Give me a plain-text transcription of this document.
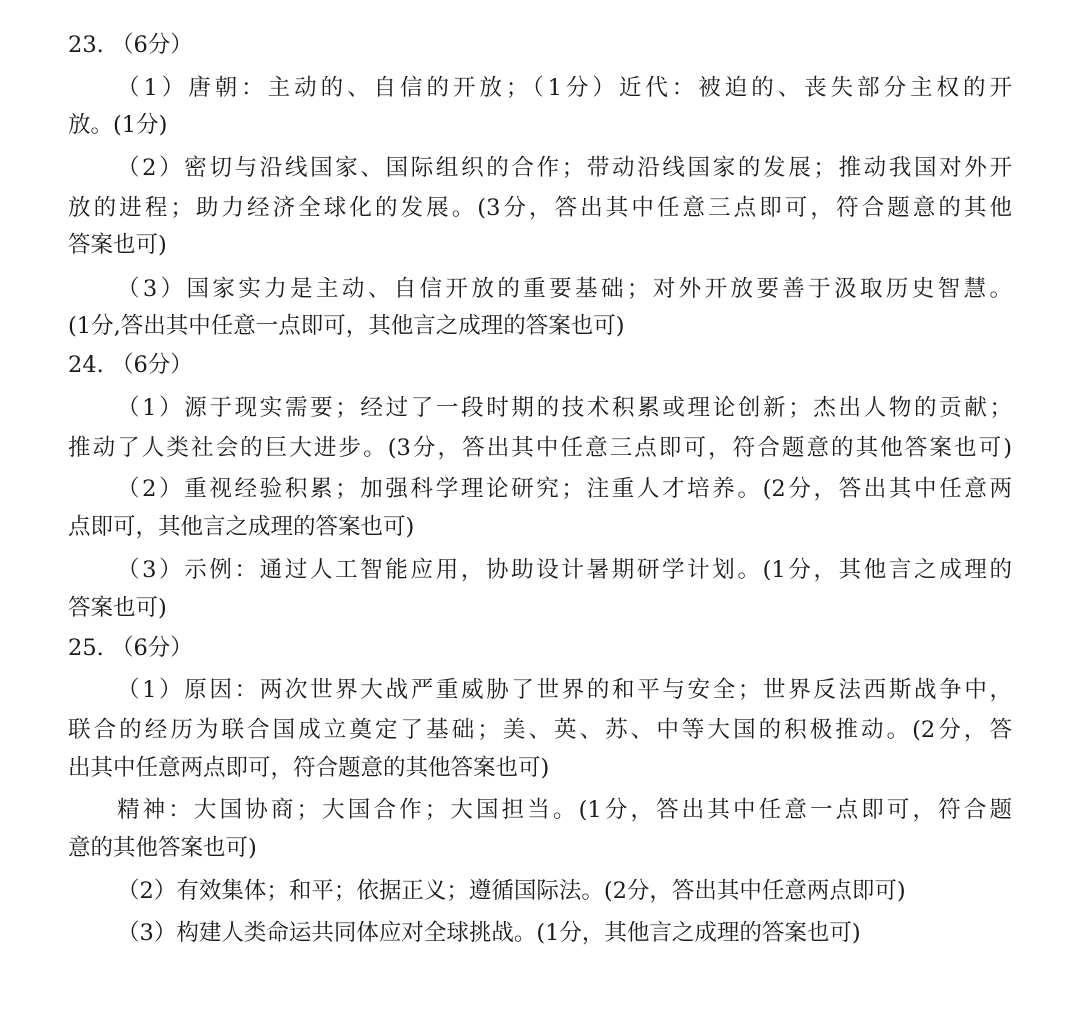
23. （6分）
（1）唐朝：主动的、自信的开放；（1分）近代：被迫的、丧失部分主权的开
放。(1分)
（2）密切与沿线国家、国际组织的合作；带动沿线国家的发展；推动我国对外开
放的进程；助力经济全球化的发展。(3分，答出其中任意三点即可，符合题意的其他
答案也可)
（3）国家实力是主动、自信开放的重要基础；对外开放要善于汲取历史智慧。
(1分,答出其中任意一点即可，其他言之成理的答案也可)
24. （6分）
（1）源于现实需要；经过了一段时期的技术积累或理论创新；杰出人物的贡献；
推动了人类社会的巨大进步。(3分，答出其中任意三点即可，符合题意的其他答案也可)
（2）重视经验积累；加强科学理论研究；注重人才培养。(2分，答出其中任意两
点即可，其他言之成理的答案也可)
（3）示例：通过人工智能应用，协助设计暑期研学计划。(1分，其他言之成理的
答案也可)
25. （6分）
（1）原因：两次世界大战严重威胁了世界的和平与安全；世界反法西斯战争中，
联合的经历为联合国成立奠定了基础；美、英、苏、中等大国的积极推动。(2分，答
出其中任意两点即可，符合题意的其他答案也可)
精神：大国协商；大国合作；大国担当。(1分，答出其中任意一点即可，符合题
意的其他答案也可)
（2）有效集体；和平；依据正义；遵循国际法。(2分，答出其中任意两点即可)
（3）构建人类命运共同体应对全球挑战。(1分，其他言之成理的答案也可)
